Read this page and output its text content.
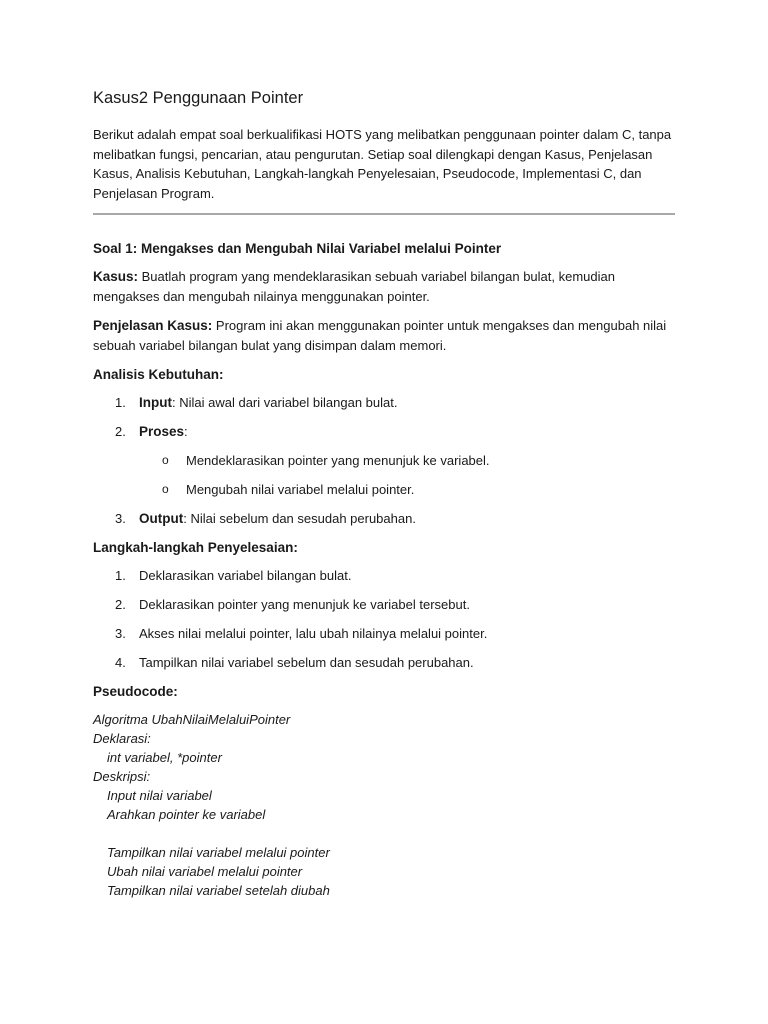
Kasus2 Penggunaan Pointer

Berikut adalah empat soal berkualifikasi HOTS yang melibatkan penggunaan pointer dalam C, tanpa melibatkan fungsi, pencarian, atau pengurutan. Setiap soal dilengkapi dengan Kasus, Penjelasan Kasus, Analisis Kebutuhan, Langkah-langkah Penyelesaian, Pseudocode, Implementasi C, dan Penjelasan Program.

Soal 1: Mengakses dan Mengubah Nilai Variabel melalui Pointer

Kasus: Buatlah program yang mendeklarasikan sebuah variabel bilangan bulat, kemudian mengakses dan mengubah nilainya menggunakan pointer.

Penjelasan Kasus: Program ini akan menggunakan pointer untuk mengakses dan mengubah nilai sebuah variabel bilangan bulat yang disimpan dalam memori.

Analisis Kebutuhan:
1. Input: Nilai awal dari variabel bilangan bulat.
2. Proses:
o Mendeklarasikan pointer yang menunjuk ke variabel.
o Mengubah nilai variabel melalui pointer.
3. Output: Nilai sebelum dan sesudah perubahan.
Langkah-langkah Penyelesaian:
1. Deklarasikan variabel bilangan bulat.
2. Deklarasikan pointer yang menunjuk ke variabel tersebut.
3. Akses nilai melalui pointer, lalu ubah nilainya melalui pointer.
4. Tampilkan nilai variabel sebelum dan sesudah perubahan.
Pseudocode:
Algoritma UbahNilaiMelaluiPointer
Deklarasi:
int variabel, *pointer
Deskripsi:
Input nilai variabel
Arahkan pointer ke variabel
Tampilkan nilai variabel melalui pointer
Ubah nilai variabel melalui pointer
Tampilkan nilai variabel setelah diubah
